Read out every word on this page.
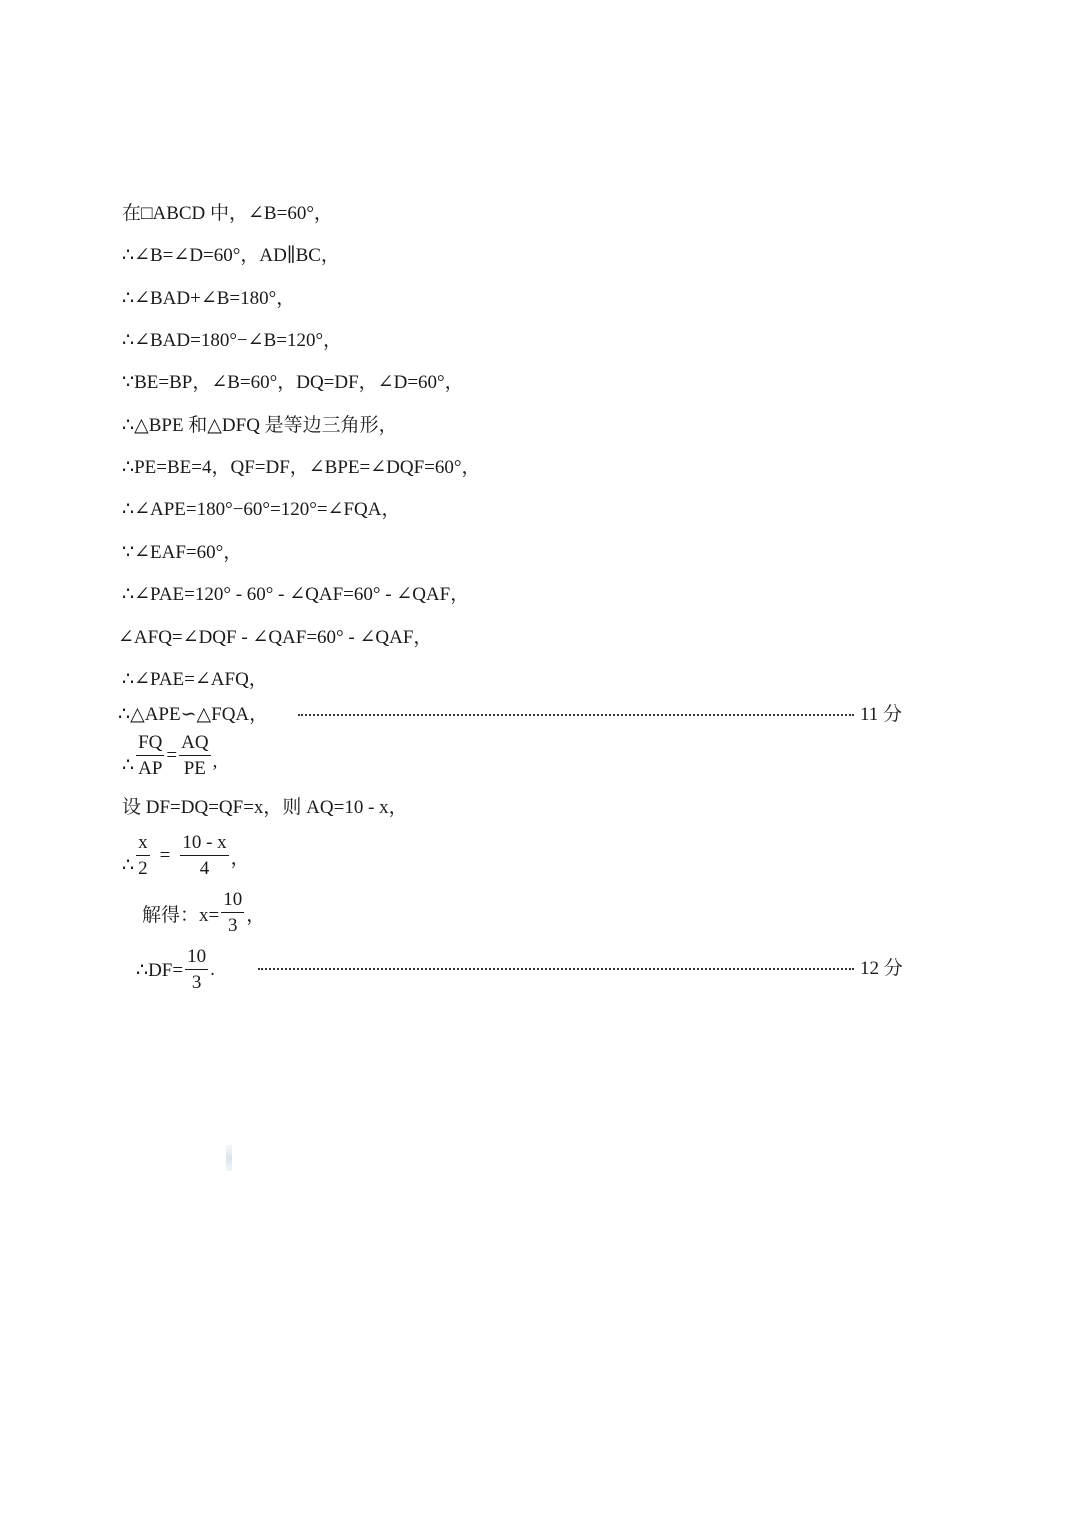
在□ABCD 中，∠B=60°，
∴∠B=∠D=60°，AD∥BC，
∴∠BAD+∠B=180°，
∴∠BAD=180°−∠B=120°，
∵BE=BP，∠B=60°，DQ=DF，∠D=60°，
∴△BPE 和△DFQ 是等边三角形，
∴PE=BE=4，QF=DF，∠BPE=∠DQF=60°，
∴∠APE=180°−60°=120°=∠FQA，
∵∠EAF=60°，
∴∠PAE=120° - 60° - ∠QAF=60° - ∠QAF，
∠AFQ=∠DQF - ∠QAF=60° - ∠QAF，
∴∠PAE=∠AFQ，
∴△APE∽△FQA，	11 分
∴ $\frac{FQ}{AP} = \frac{AQ}{PE}$ ,
设 DF=DQ=QF=x，则 AQ=10 - x，
∴ $\frac{x}{2} = \frac{10 - x}{4}$ ，
解得：$x= \frac{10}{3}$ ，
∴DF= $\frac{10}{3}$ .	12 分
